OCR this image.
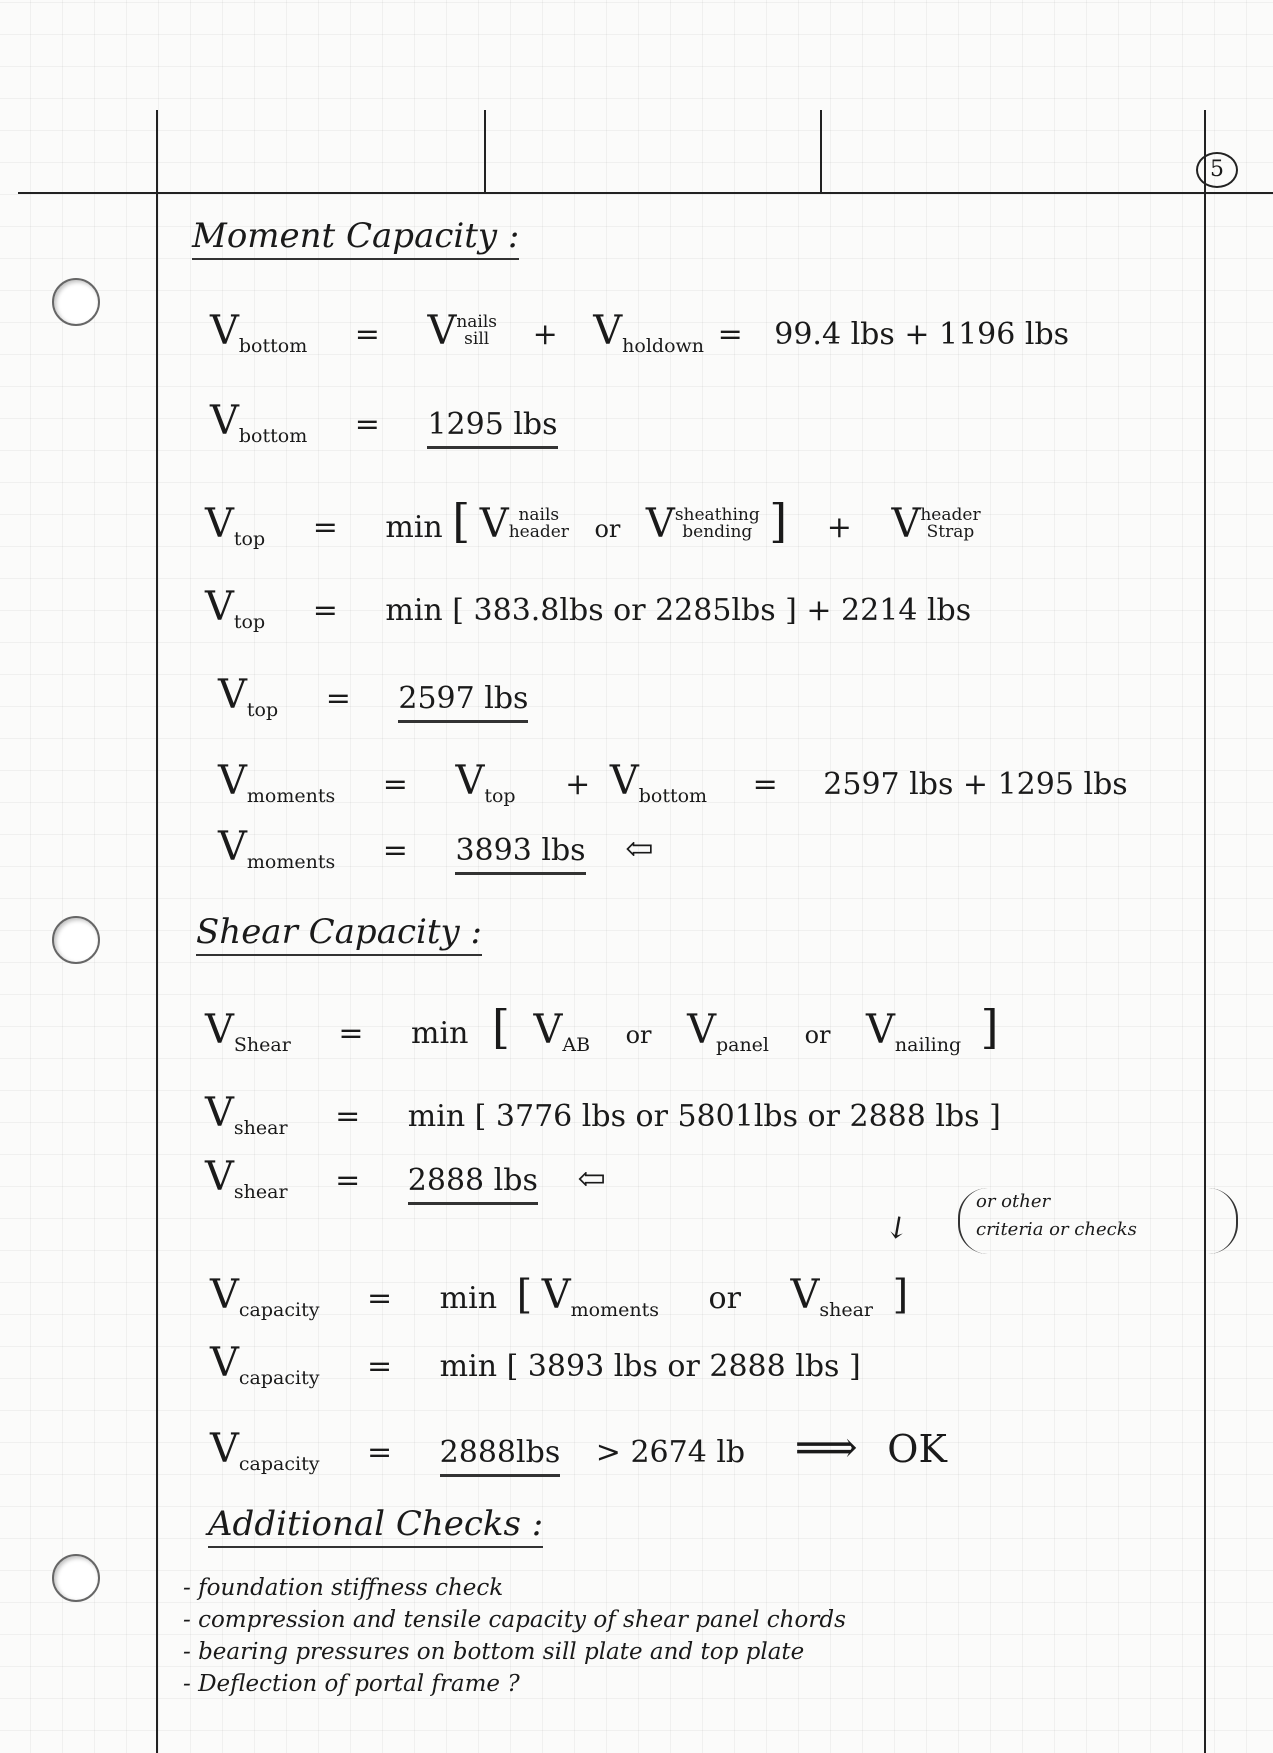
5
Moment Capacity :
$V_{bottom}$ = Vnails
sill + $V_{holdown} = 99.4$ lbs + 1196 lbs
$V_{bottom} = 1295$ lbs
$V_{top} = \min$ [ V nails
header or Vsheathing
bending ] + Vheader
Strap
$V_{top} = \min$ [ 383.8lbs or 2285lbs ] + 2214 lbs
$V_{top} = 2597$ lbs
$V_{moments} = V_{top} + V_{bottom} = 2597$ lbs + 1295 lbs
$V_{moments} = 3893$ lbs ⇦
Shear Capacity :
$V_{Shear} = \min$ [ $V_{AB}$ or $V_{panel}$ or $V_{nailing}$ ]
$V_{shear} = \min$ [ 3776 lbs or 5801lbs or 2888 lbs ]
$V_{shear} = 2888$ lbs ⇦
↙
or other
criteria or checks
$V_{capacity} = \min$ [ $V_{moments}$ or $V_{shear}$ ]
$V_{capacity} = \min$ [ 3893 lbs or 2888 lbs ]
$V_{capacity} = 2888lbs > 2674$ lb ⟹ OK
Additional Checks :
- foundation stiffness check
- compression and tensile capacity of shear panel chords
- bearing pressures on bottom sill plate and top plate
- Deflection of portal frame ?
